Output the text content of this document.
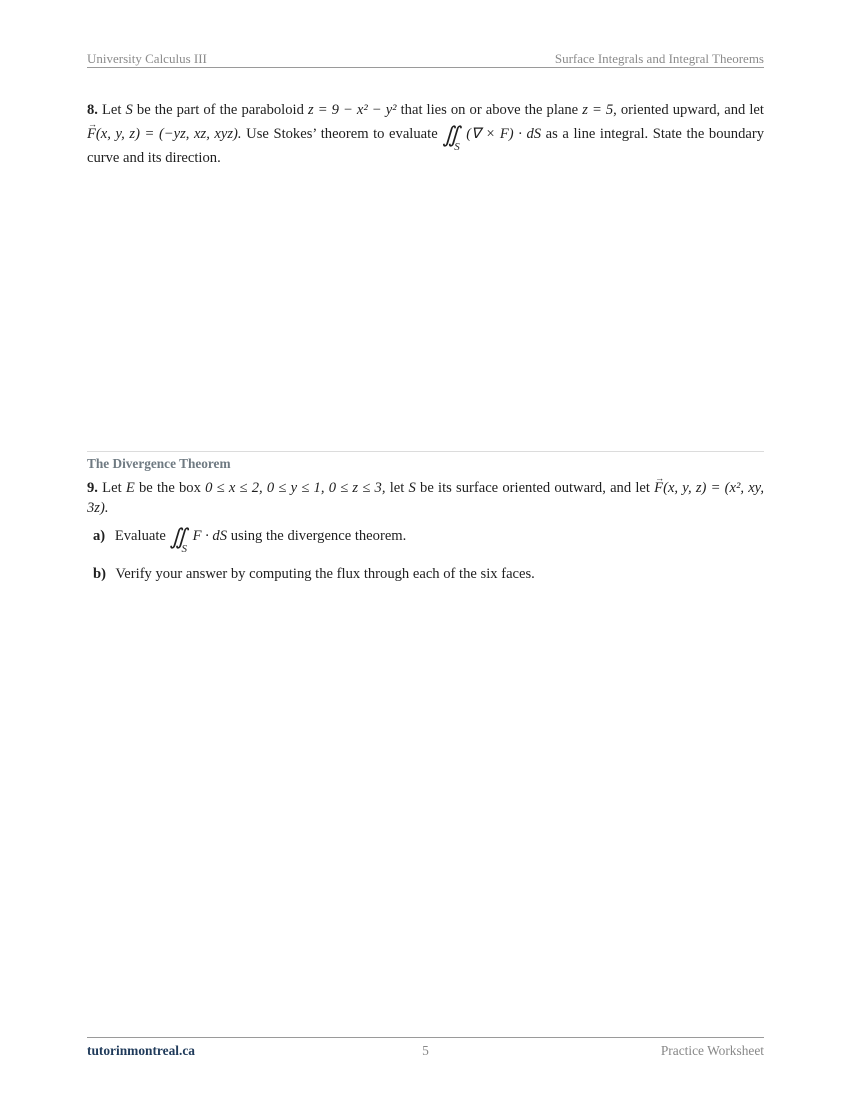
University Calculus III	Surface Integrals and Integral Theorems
8. Let S be the part of the paraboloid z = 9 − x² − y² that lies on or above the plane z = 5, oriented upward, and let → F(x, y, z) = (−yz, xz, xyz). Use Stokes’ theorem to evaluate ∬ S
(∇ × F) · dS as a line integral. State the boundary curve and its direction.
The Divergence Theorem
9. Let E be the box 0 ≤ x ≤ 2, 0 ≤ y ≤ 1, 0 ≤ z ≤ 3, let S be its surface oriented outward, and let → F(x, y, z) = (x², xy, 3z).
a) Evaluate ∬ S
F · dS using the divergence theorem.
b) Verify your answer by computing the flux through each of the six faces.
tutorinmontreal.ca	5	Practice Worksheet
